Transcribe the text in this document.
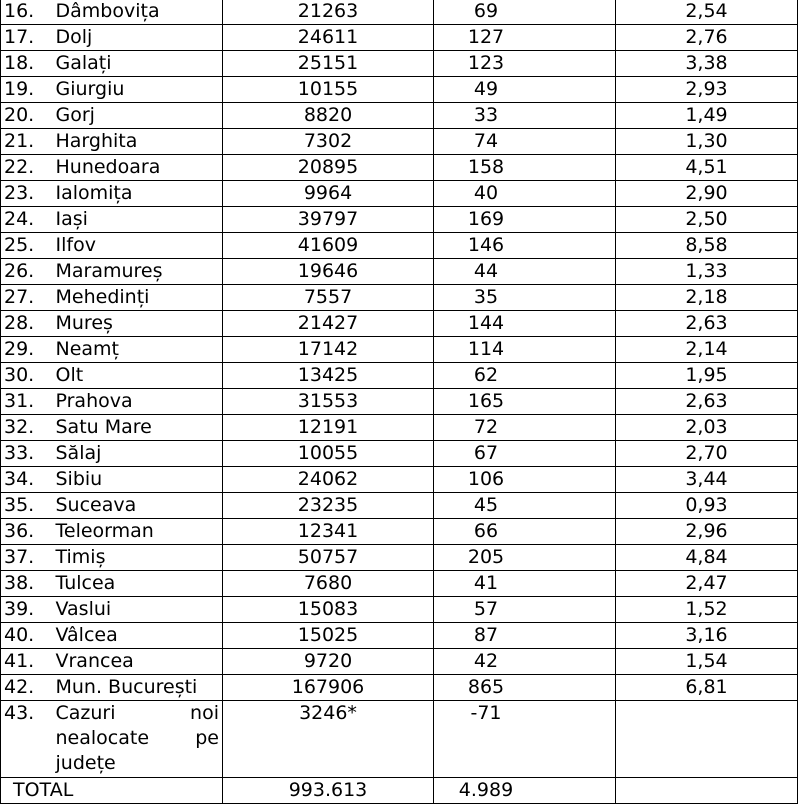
16.	Dâmbovița	21263	69	2,54
17.	Dolj	24611	127	2,76
18.	Galați	25151	123	3,38
19.	Giurgiu	10155	49	2,93
20.	Gorj	8820	33	1,49
21.	Harghita	7302	74	1,30
22.	Hunedoara	20895	158	4,51
23.	Ialomița	9964	40	2,90
24.	Iași	39797	169	2,50
25.	Ilfov	41609	146	8,58
26.	Maramureș	19646	44	1,33
27.	Mehedinți	7557	35	2,18
28.	Mureș	21427	144	2,63
29.	Neamț	17142	114	2,14
30.	Olt	13425	62	1,95
31.	Prahova	31553	165	2,63
32.	Satu Mare	12191	72	2,03
33.	Sălaj	10055	67	2,70
34.	Sibiu	24062	106	3,44
35.	Suceava	23235	45	0,93
36.	Teleorman	12341	66	2,96
37.	Timiș	50757	205	4,84
38.	Tulcea	7680	41	2,47
39.	Vaslui	15083	57	1,52
40.	Vâlcea	15025	87	3,16
41.	Vrancea	9720	42	1,54
42.	Mun. București	167906	865	6,81
43.	Cazuri noi
nealocate pe
județe	3246*	-71	
TOTAL		993.613	4.989	
